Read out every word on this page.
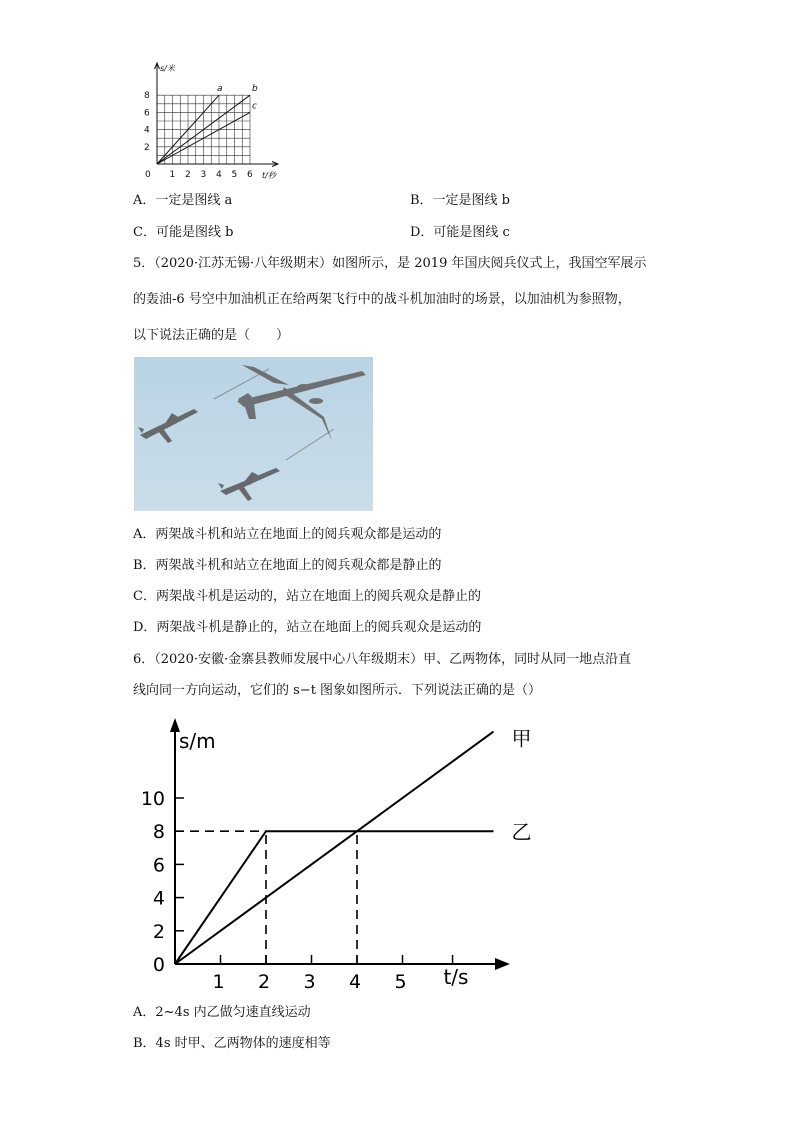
a	b
c
0 1 2 3 4 5 6
2
4
6
8
s/米
t/秒
A．一定是图线 a	B．一定是图线 b
C．可能是图线 b	D．可能是图线 c
5．（2020·江苏无锡·八年级期末）如图所示，是 2019 年国庆阅兵仪式上，我国空军展示
的轰油-6 号空中加油机正在给两架飞行中的战斗机加油时的场景，以加油机为参照物，
以下说法正确的是（　　）
A．两架战斗机和站立在地面上的阅兵观众都是运动的
B．两架战斗机和站立在地面上的阅兵观众都是静止的
C．两架战斗机是运动的，站立在地面上的阅兵观众是静止的
D．两架战斗机是静止的，站立在地面上的阅兵观众是运动的
6．（2020·安徽·金寨县教师发展中心八年级期末）甲、乙两物体，同时从同一地点沿直
线向同一方向运动，它们的 s−t 图象如图所示．下列说法正确的是（）
0
2
4
6
8
10
1 2 3 4 5
甲
乙
s/m
t/s
A．2~4s 内乙做匀速直线运动
B．4s 时甲、乙两物体的速度相等
